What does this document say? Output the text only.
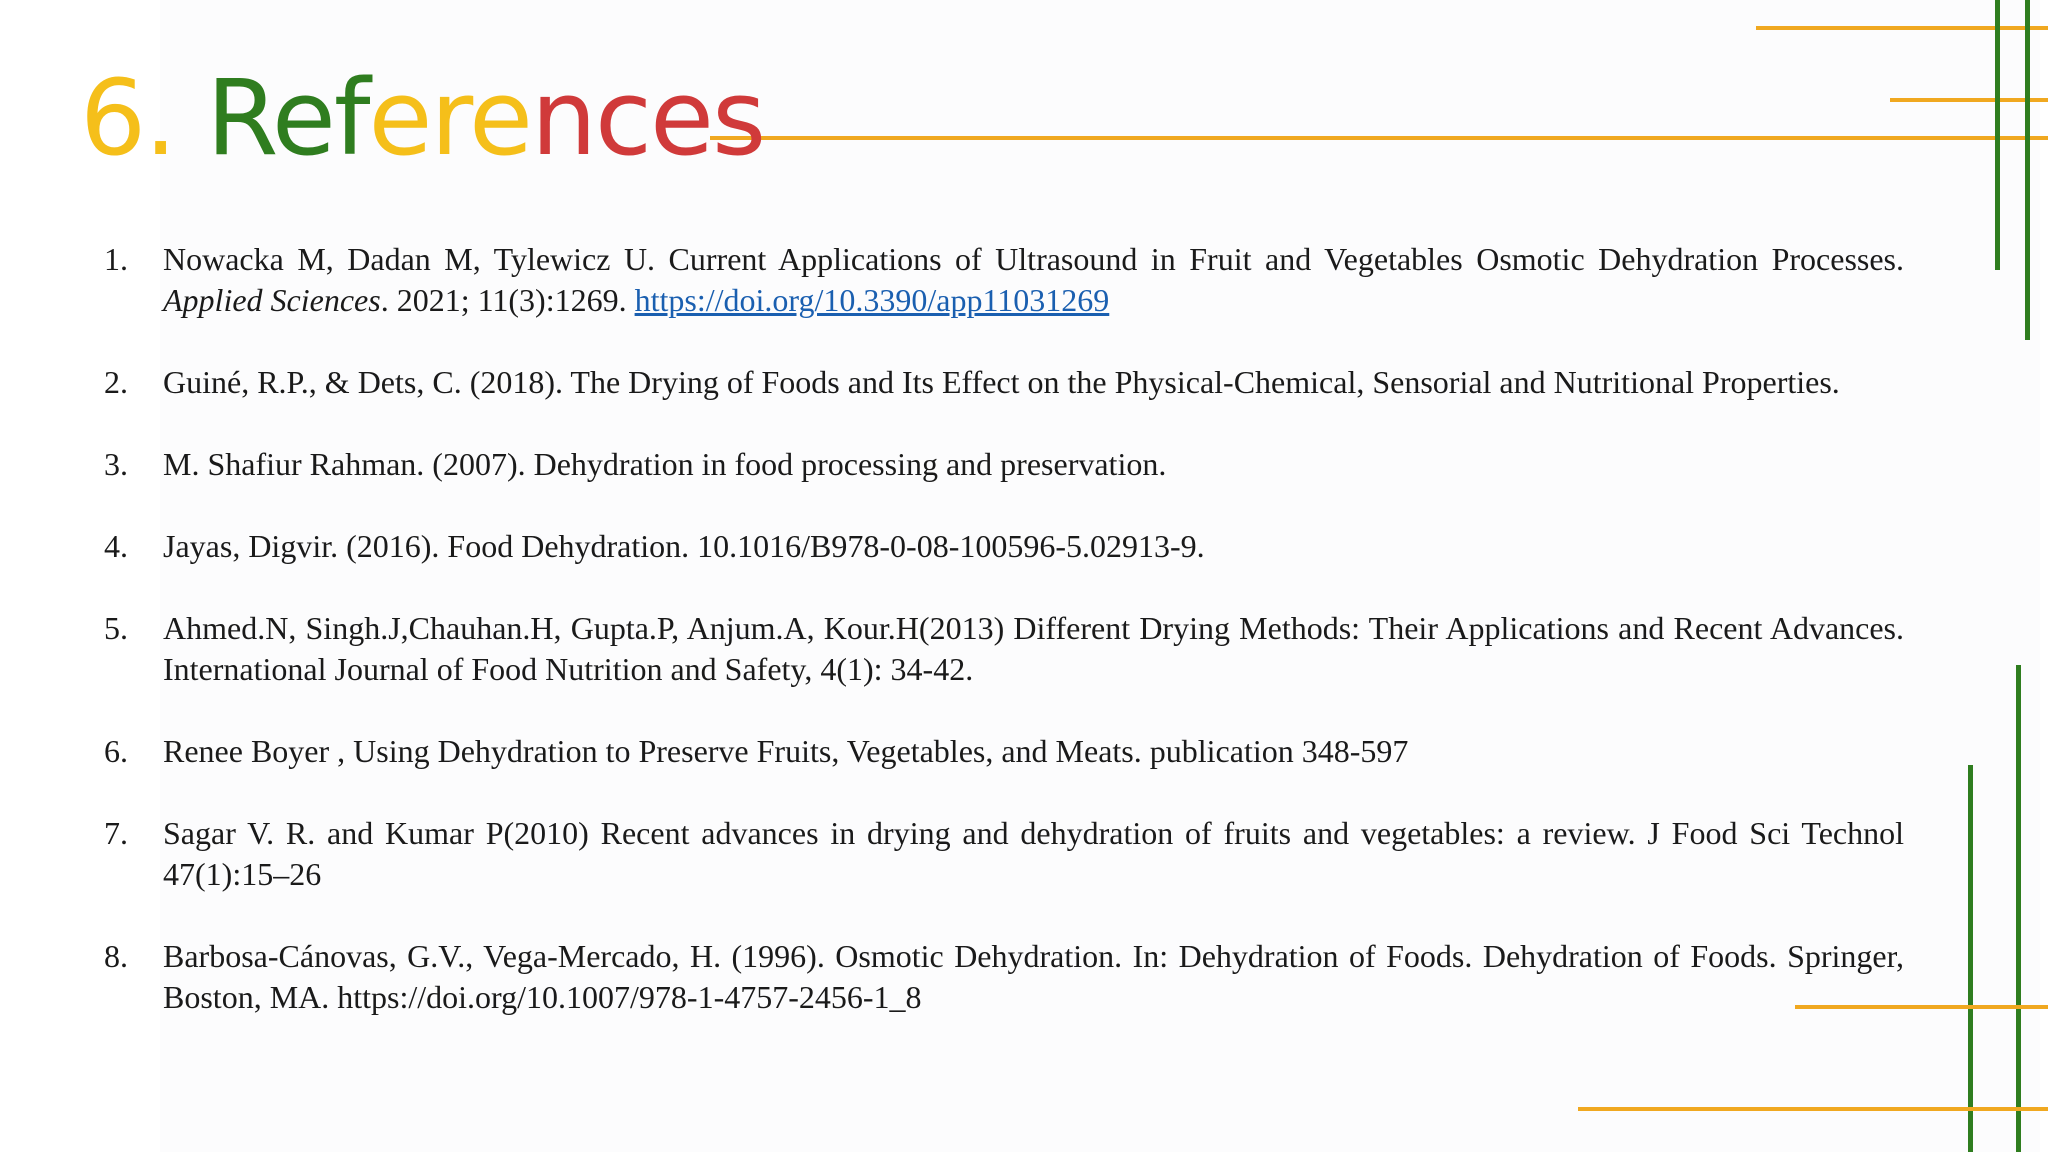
6. References
1. Nowacka M, Dadan M, Tylewicz U. Current Applications of Ultrasound in Fruit and Vegetables Osmotic Dehydration Processes. Applied Sciences. 2021; 11(3):1269. https://doi.org/10.3390/app11031269
2. Guiné, R.P., & Dets, C. (2018). The Drying of Foods and Its Effect on the Physical-Chemical, Sensorial and Nutritional Properties.
3. M. Shafiur Rahman. (2007). Dehydration in food processing and preservation.
4. Jayas, Digvir. (2016). Food Dehydration. 10.1016/B978-0-08-100596-5.02913-9.
5. Ahmed.N, Singh.J,Chauhan.H, Gupta.P, Anjum.A, Kour.H(2013) Different Drying Methods: Their Applications and Recent Advances. International Journal of Food Nutrition and Safety, 4(1): 34-42.
6. Renee Boyer , Using Dehydration to Preserve Fruits, Vegetables, and Meats. publication 348-597
7. Sagar V. R. and Kumar P(2010) Recent advances in drying and dehydration of fruits and vegetables: a review. J Food Sci Technol 47(1):15–26
8. Barbosa-Cánovas, G.V., Vega-Mercado, H. (1996). Osmotic Dehydration. In: Dehydration of Foods. Dehydration of Foods. Springer, Boston, MA. https://doi.org/10.1007/978-1-4757-2456-1_8
